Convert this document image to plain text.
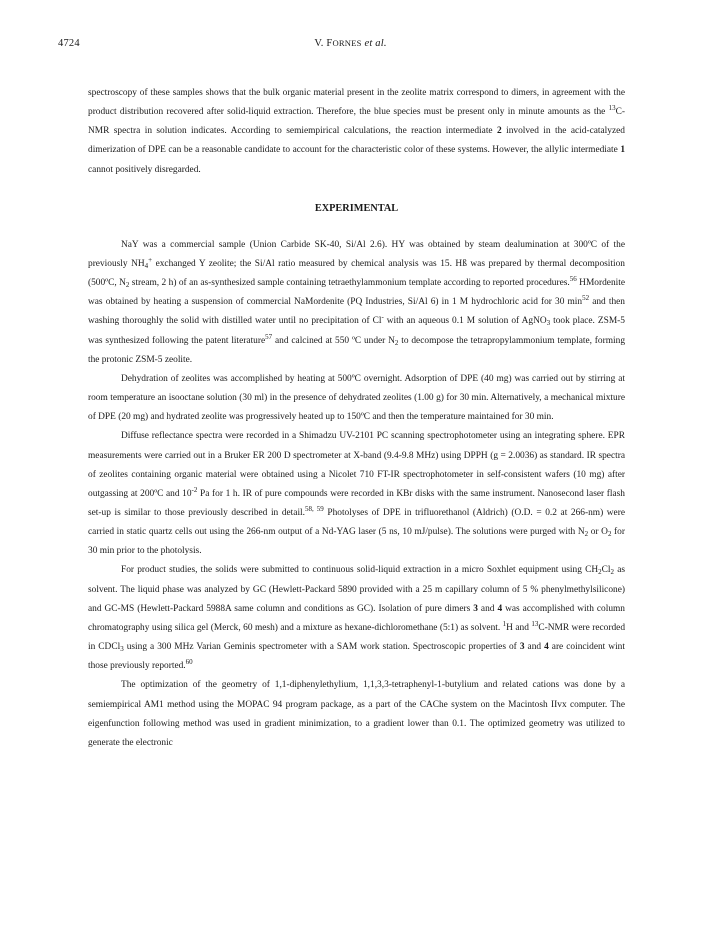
4724	V. FORNES et al.

spectroscopy of these samples shows that the bulk organic material present in the zeolite matrix correspond to dimers, in agreement with the product distribution recovered after solid-liquid extraction. Therefore, the blue species must be present only in minute amounts as the $^{13}$C-NMR spectra in solution indicates. According to semiempirical calculations, the reaction intermediate 2 involved in the acid-catalyzed dimerization of DPE can be a reasonable candidate to account for the characteristic color of these systems. However, the allylic intermediate 1 cannot positively disregarded.

EXPERIMENTAL

NaY was a commercial sample (Union Carbide SK-40, Si/Al 2.6). HY was obtained by steam dealumination at 300ºC of the previously $NH_4^+$ exchanged Y zeolite; the Si/Al ratio measured by chemical analysis was 15. Hß was prepared by thermal decomposition (500ºC, $N_2$ stream, 2 h) of an as-synthesized sample containing tetraethylammonium template according to reported procedures.$^{56}$ HMordenite was obtained by heating a suspension of commercial NaMordenite (PQ Industries, Si/Al 6) in 1 M hydrochloric acid for 30 $\min^{52}$ and then washing thoroughly the solid with distilled water until no precipitation of Cl- with an aqueous 0.1 M solution of AgNO$_3$ took place. ZSM-5 was synthesized following the patent literature$^{57}$ and calcined at 550 ºC under $N_2$ to decompose the tetrapropylammonium template, forming the protonic ZSM-5 zeolite.

Dehydration of zeolites was accomplished by heating at 500ºC overnight. Adsorption of DPE (40 mg) was carried out by stirring at room temperature an isooctane solution (30 ml) in the presence of dehydrated zeolites (1.00 g) for 30 min. Alternatively, a mechanical mixture of DPE (20 mg) and hydrated zeolite was progressively heated up to 150ºC and then the temperature maintained for 30 min.

Diffuse reflectance spectra were recorded in a Shimadzu UV-2101 PC scanning spectrophotometer using an integrating sphere. EPR measurements were carried out in a Bruker ER 200 D spectrometer at X-band (9.4-9.8 MHz) using DPPH (g = 2.0036) as standard. IR spectra of zeolites containing organic material were obtained using a Nicolet 710 FT-IR spectrophotometer in self-consistent wafers (10 mg) after outgassing at 200ºC and $10^{-2}$ Pa for 1 h. IR of pure compounds were recorded in KBr disks with the same instrument. Nanosecond laser flash set-up is similar to those previously described in detail.$^{58, 59}$ Photolyses of DPE in trifluorethanol (Aldrich) (O.D. = 0.2 at 266-nm) were carried in static quartz cells out using the 266-nm output of a Nd-YAG laser (5 ns, 10 mJ/pulse). The solutions were purged with $N_2$ or $O_2$ for 30 min prior to the photolysis.

For product studies, the solids were submitted to continuous solid-liquid extraction in a micro Soxhlet equipment using $CH_2Cl_2$ as solvent. The liquid phase was analyzed by GC (Hewlett-Packard 5890 provided with a 25 m capillary column of 5 % phenylmethylsilicone) and GC-MS (Hewlett-Packard 5988A same column and conditions as GC). Isolation of pure dimers 3 and 4 was accomplished with column chromatography using silica gel (Merck, 60 mesh) and a mixture as hexane-dichloromethane (5:1) as solvent. $^1$H and $^{13}$C-NMR were recorded in CDCl$_3$ using a 300 MHz Varian Geminis spectrometer with a SAM work station. Spectroscopic properties of 3 and 4 are coincident wint those previously reported.$^{60}$

The optimization of the geometry of 1,1-diphenylethylium, 1,1,3,3-tetraphenyl-1-butylium and related cations was done by a semiempirical AM1 method using the MOPAC 94 program package, as a part of the CAChe system on the Macintosh IIvx computer. The eigenfunction following method was used in gradient minimization, to a gradient lower than 0.1. The optimized geometry was utilized to generate the electronic
